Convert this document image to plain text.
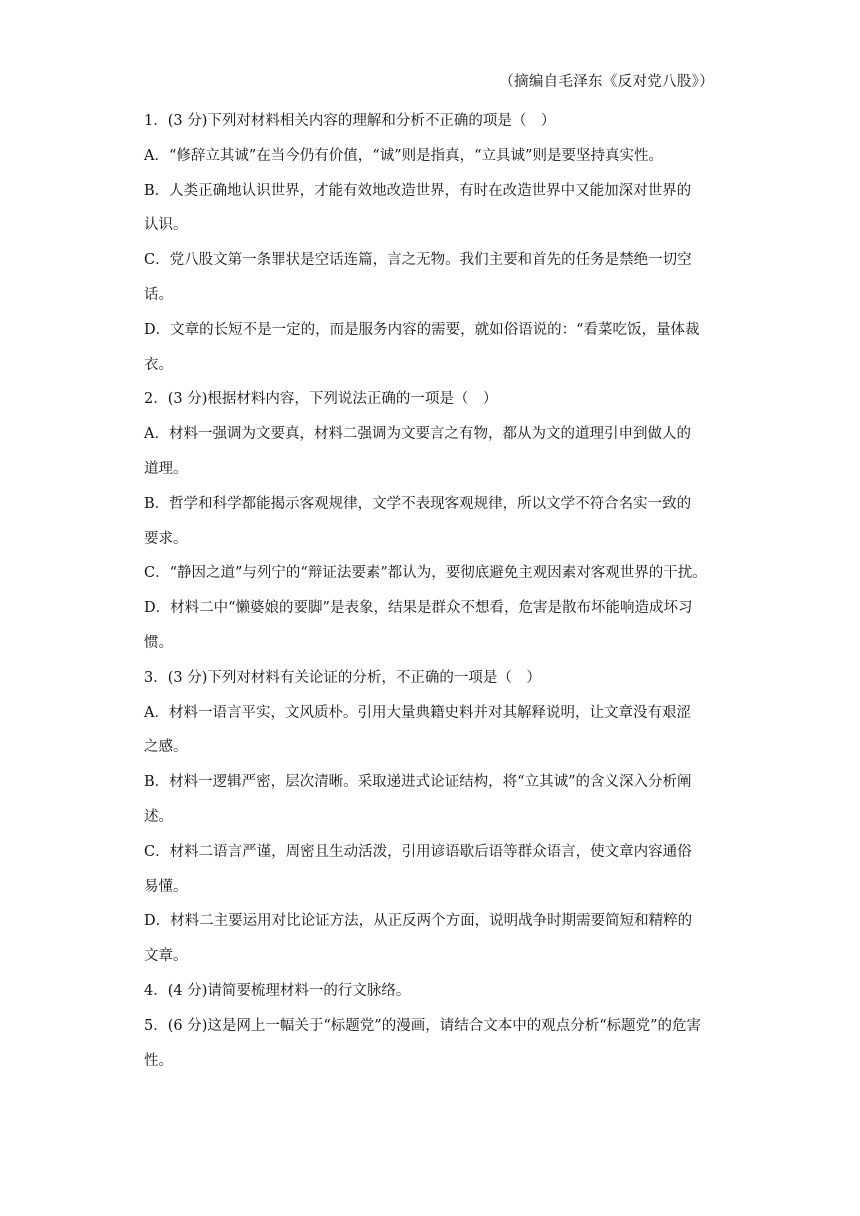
（摘编自毛泽东《反对党八股》）
1．(3 分)下列对材料相关内容的理解和分析不正确的项是（　）
A．“修辞立其诚”在当今仍有价值，“诚”则是指真，“立具诚”则是要坚持真实性。
B．人类正确地认识世界，才能有效地改造世界，有时在改造世界中又能加深对世界的
认识。
C．党八股文第一条罪状是空话连篇，言之无物。我们主要和首先的任务是禁绝一切空
话。
D．文章的长短不是一定的，而是服务内容的需要，就如俗语说的：“看菜吃饭，量体裁
衣。
2．(3 分)根据材料内容，下列说法正确的一项是（　）
A．材料一强调为文要真，材料二强调为文要言之有物，都从为文的道理引申到做人的
道理。
B．哲学和科学都能揭示客观规律，文学不表现客观规律，所以文学不符合名实一致的
要求。
C．“静因之道”与列宁的“辩证法要素”都认为，要彻底避免主观因素对客观世界的干扰。
D．材料二中“懒婆娘的要脚”是表象，结果是群众不想看，危害是散布坏能响造成坏习
惯。
3．(3 分)下列对材料有关论证的分析，不正确的一项是（　）
A．材料一语言平实，文风质朴。引用大量典籍史料并对其解释说明，让文章没有艰涩
之感。
B．材料一逻辑严密，层次清晰。采取递进式论证结构，将“立其诚”的含义深入分析阐
述。
C．材料二语言严谨，周密且生动活泼，引用谚语歇后语等群众语言，使文章内容通俗
易懂。
D．材料二主要运用对比论证方法，从正反两个方面，说明战争时期需要简短和精粹的
文章。
4．(4 分)请简要梳理材料一的行文脉络。
5．(6 分)这是网上一幅关于“标题党”的漫画，请结合文本中的观点分析“标题党”的危害
性。
